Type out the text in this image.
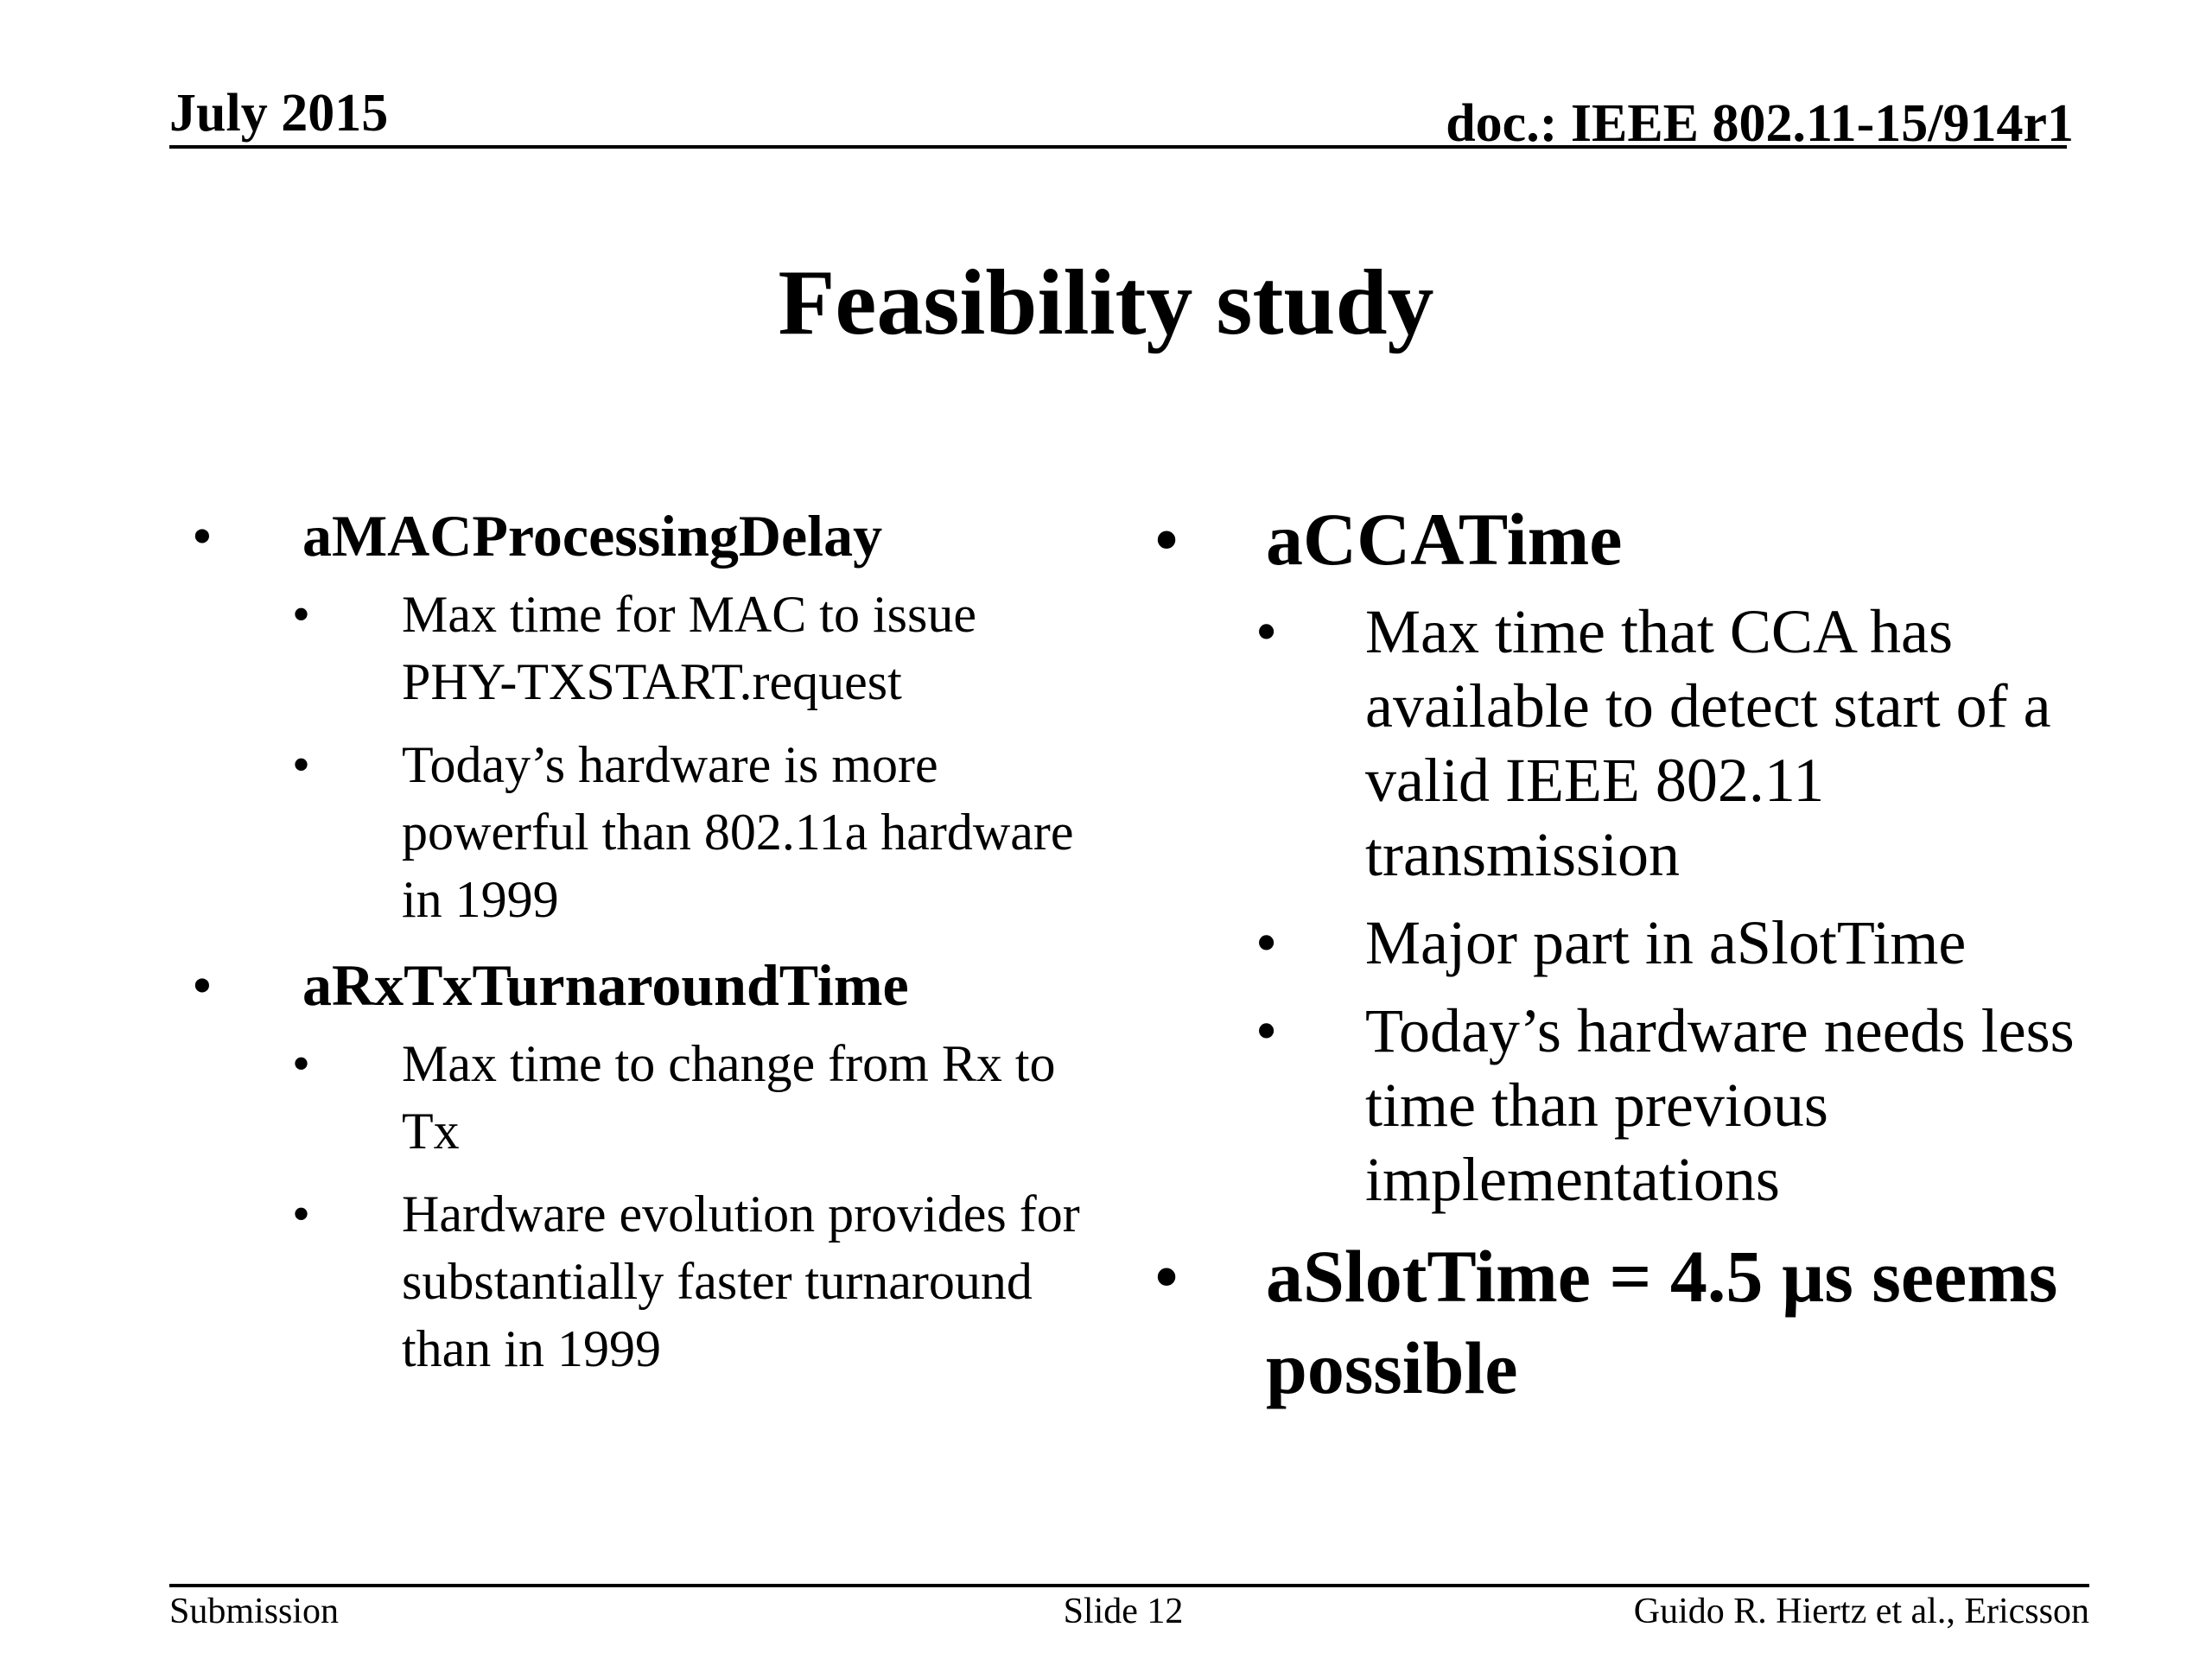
July 2015	doc.: IEEE 802.11-15/914r1
Feasibility study
• aMACProcessingDelay
• Max time for MAC to issue PHY-TXSTART.request
• Today’s hardware is more powerful than 802.11a hardware in 1999
• aRxTxTurnaroundTime
• Max time to change from Rx to Tx
• Hardware evolution provides for substantially faster turnaround than in 1999
• aCCATime
• Max time that CCA has available to detect start of a valid IEEE 802.11 transmission
• Major part in aSlotTime
• Today’s hardware needs less time than previous implementations
• aSlotTime = 4.5 µs seems possible
Submission	Slide 12	Guido R. Hiertz et al., Ericsson
